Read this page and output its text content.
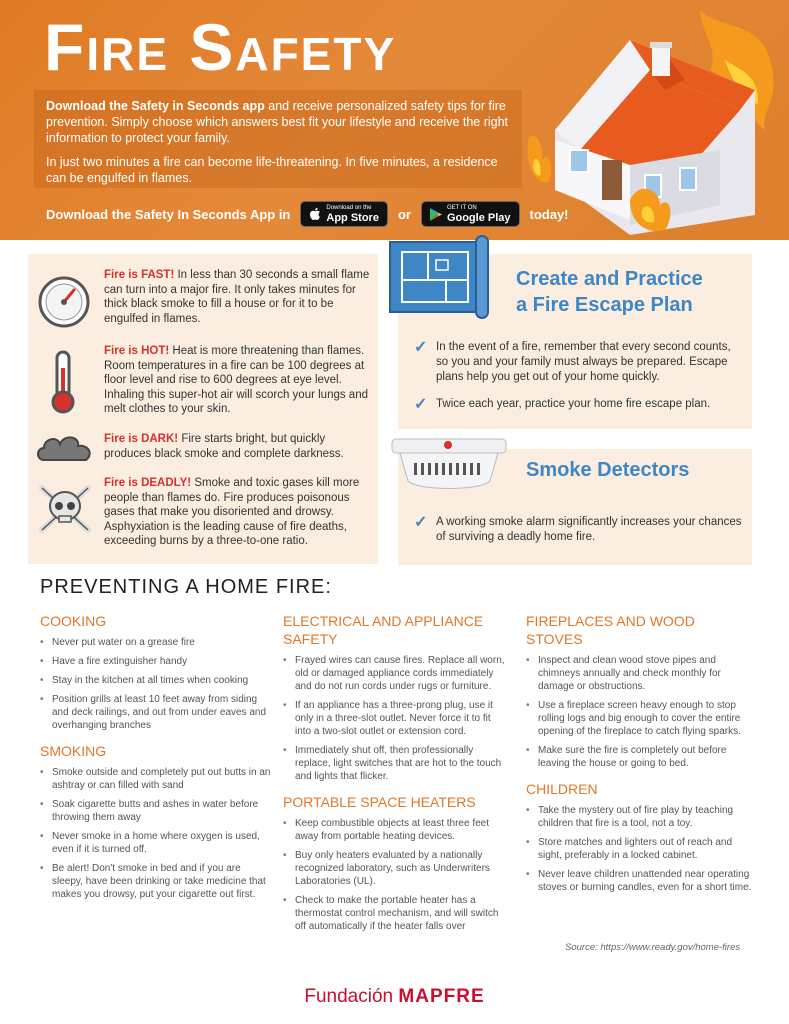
Fire Safety

Download the Safety in Seconds app and receive personalized safety tips for fire prevention. Simply choose which answers best fit your lifestyle and receive the right information to protect your family.

In just two minutes a fire can become life-threatening. In five minutes, a residence can be engulfed in flames.

Download the Safety In Seconds App in	Download on the
App Store or	GET IT ON
Google Play today!
Fire is FAST! In less than 30 seconds a small flame can turn into a major fire. It only takes minutes for thick black smoke to fill a house or for it to be engulfed in flames.
Fire is HOT! Heat is more threatening than flames. Room temperatures in a fire can be 100 degrees at floor level and rise to 600 degrees at eye level. Inhaling this super-hot air will scorch your lungs and melt clothes to your skin.
Fire is DARK! Fire starts bright, but quickly produces black smoke and complete darkness.
Fire is DEADLY! Smoke and toxic gases kill more people than flames do. Fire produces poisonous gases that make you disoriented and drowsy. Asphyxiation is the leading cause of fire deaths, exceeding burns by a three-to-one ratio.
Create and Practice
a Fire Escape Plan
✓ In the event of a fire, remember that every second counts, so you and your family must always be prepared. Escape plans help you get out of your home quickly.
✓ Twice each year, practice your home fire escape plan.
Smoke Detectors
✓ A working smoke alarm significantly increases your chances of surviving a deadly home fire.
PREVENTING A HOME FIRE:
COOKING
• Never put water on a grease fire
• Have a fire extinguisher handy
• Stay in the kitchen at all times when cooking
• Position grills at least 10 feet away from siding and deck railings, and out from under eaves and overhanging branches
SMOKING
• Smoke outside and completely put out butts in an ashtray or can filled with sand
• Soak cigarette butts and ashes in water before throwing them away
• Never smoke in a home where oxygen is used, even if it is turned off.
• Be alert! Don't smoke in bed and if you are sleepy, have been drinking or take medicine that makes you drowsy, put your cigarette out first.
ELECTRICAL AND APPLIANCE SAFETY
• Frayed wires can cause fires. Replace all worn, old or damaged appliance cords immediately and do not run cords under rugs or furniture.
• If an appliance has a three-prong plug, use it only in a three-slot outlet. Never force it to fit into a two-slot outlet or extension cord.
• Immediately shut off, then professionally replace, light switches that are hot to the touch and lights that flicker.
PORTABLE SPACE HEATERS
• Keep combustible objects at least three feet away from portable heating devices.
• Buy only heaters evaluated by a nationally recognized laboratory, such as Underwriters Laboratories (UL).
• Check to make the portable heater has a thermostat control mechanism, and will switch off automatically if the heater falls over
FIREPLACES AND WOOD STOVES
• Inspect and clean wood stove pipes and chimneys annually and check monthly for damage or obstructions.
• Use a fireplace screen heavy enough to stop rolling logs and big enough to cover the entire opening of the fireplace to catch flying sparks.
• Make sure the fire is completely out before leaving the house or going to bed.
CHILDREN
• Take the mystery out of fire play by teaching children that fire is a tool, not a toy.
• Store matches and lighters out of reach and sight, preferably in a locked cabinet.
• Never leave children unattended near operating stoves or burning candles, even for a short time.
Source: https://www.ready.gov/home-fires
Fundación MAPFRE
